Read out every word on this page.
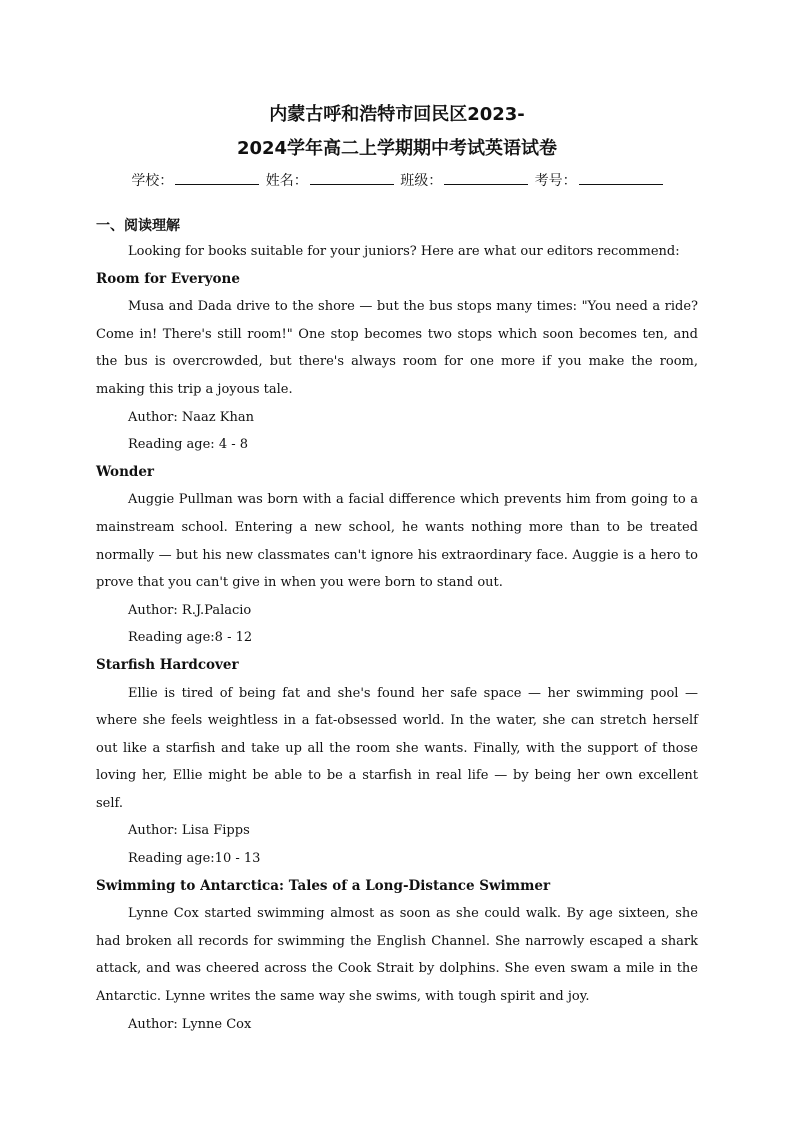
内蒙古呼和浩特市回民区2023-
2024学年高二上学期期中考试英语试卷
学校：	姓名：	班级：	考号：
一、阅读理解

Looking for books suitable for your juniors? Here are what our editors recommend:

Room for Everyone

Musa and Dada drive to the shore — but the bus stops many times: "You need a ride? Come in! There's still room!" One stop becomes two stops which soon becomes ten, and the bus is overcrowded, but there's always room for one more if you make the room, making this trip a joyous tale.

Author: Naaz Khan

Reading age: 4 - 8

Wonder

Auggie Pullman was born with a facial difference which prevents him from going to a mainstream school. Entering a new school, he wants nothing more than to be treated normally — but his new classmates can't ignore his extraordinary face. Auggie is a hero to prove that you can't give in when you were born to stand out.

Author: R.J.Palacio

Reading age:8 - 12

Starfish Hardcover

Ellie is tired of being fat and she's found her safe space — her swimming pool — where she feels weightless in a fat-obsessed world. In the water, she can stretch herself out like a starfish and take up all the room she wants. Finally, with the support of those loving her, Ellie might be able to be a starfish in real life — by being her own excellent self.

Author: Lisa Fipps

Reading age:10 - 13

Swimming to Antarctica: Tales of a Long-Distance Swimmer

Lynne Cox started swimming almost as soon as she could walk. By age sixteen, she had broken all records for swimming the English Channel. She narrowly escaped a shark attack, and was cheered across the Cook Strait by dolphins. She even swam a mile in the Antarctic. Lynne writes the same way she swims, with tough spirit and joy.

Author: Lynne Cox
